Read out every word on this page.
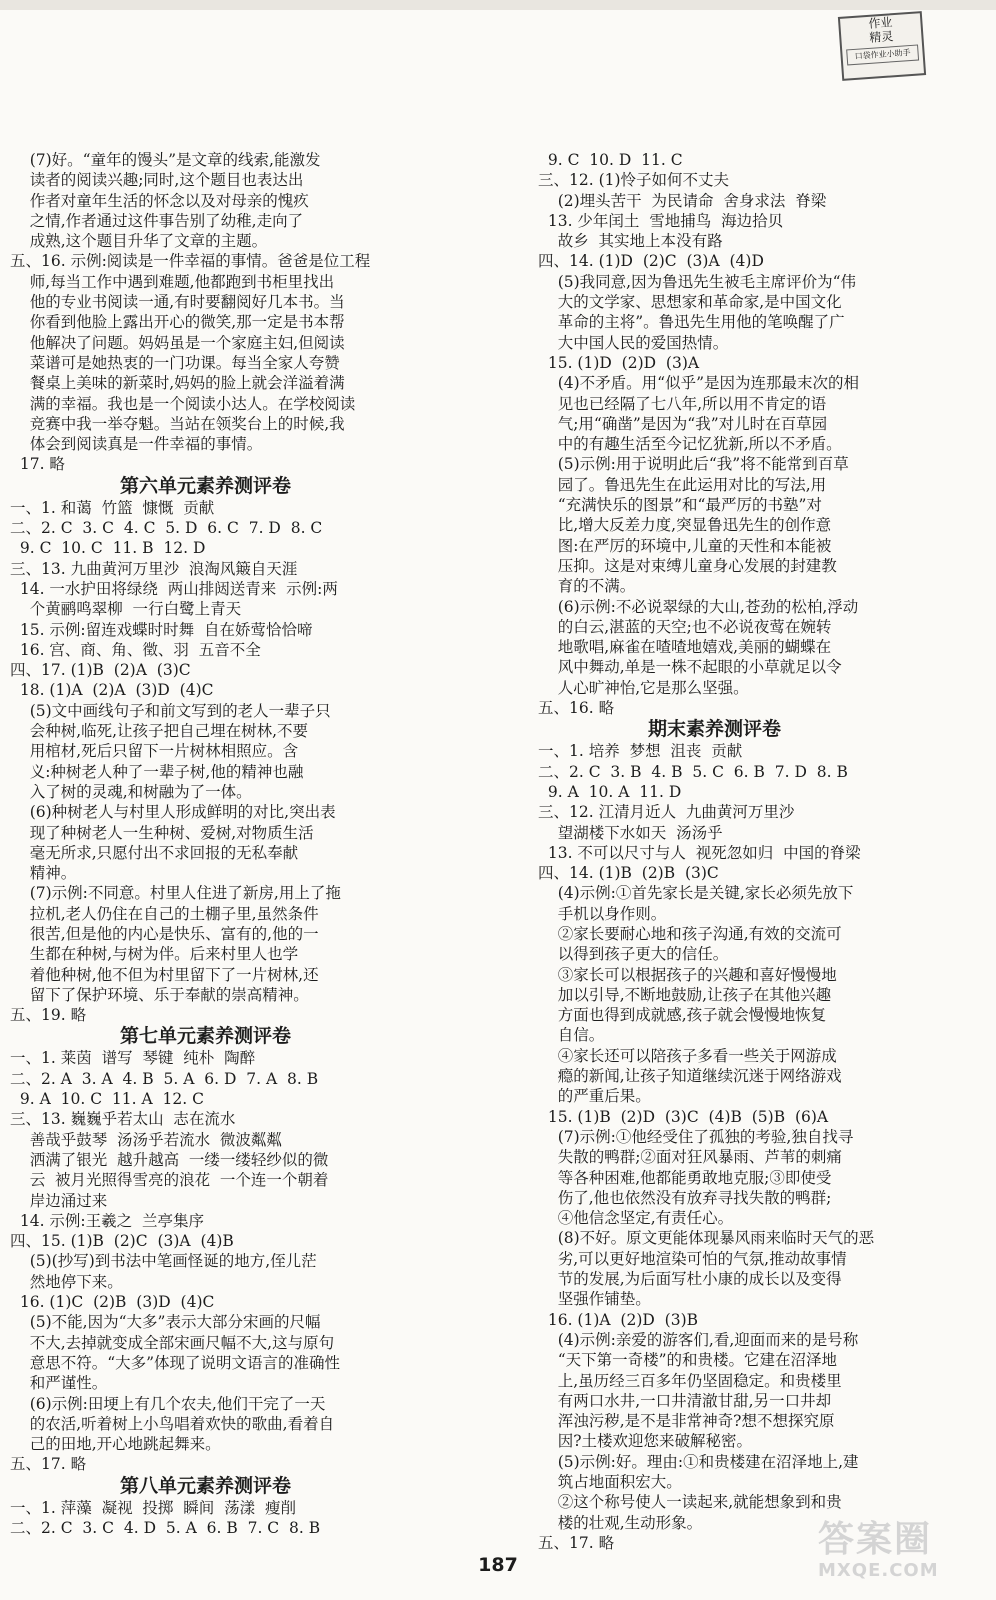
作业
精灵
口袋作业小助手
(7)好。“童年的馒头”是文章的线索,能激发
读者的阅读兴趣;同时,这个题目也表达出
作者对童年生活的怀念以及对母亲的愧疚
之情,作者通过这件事告别了幼稚,走向了
成熟,这个题目升华了文章的主题。
五、16. 示例:阅读是一件幸福的事情。爸爸是位工程
师,每当工作中遇到难题,他都跑到书柜里找出
他的专业书阅读一通,有时要翻阅好几本书。当
你看到他脸上露出开心的微笑,那一定是书本帮
他解决了问题。妈妈虽是一个家庭主妇,但阅读
菜谱可是她热衷的一门功课。每当全家人夸赞
餐桌上美味的新菜时,妈妈的脸上就会洋溢着满
满的幸福。我也是一个阅读小达人。在学校阅读
竞赛中我一举夺魁。当站在领奖台上的时候,我
体会到阅读真是一件幸福的事情。
17. 略
第六单元素养测评卷
一、1. 和蔼  竹篮  慷慨  贡献
二、2. C  3. C  4. C  5. D  6. C  7. D  8. C
9. C  10. C  11. B  12. D
三、13. 九曲黄河万里沙  浪淘风簸自天涯
14. 一水护田将绿绕  两山排闼送青来  示例:两
个黄鹂鸣翠柳  一行白鹭上青天
15. 示例:留连戏蝶时时舞  自在娇莺恰恰啼
16. 宫、商、角、徵、羽  五音不全
四、17. (1)B  (2)A  (3)C
18. (1)A  (2)A  (3)D  (4)C
(5)文中画线句子和前文写到的老人一辈子只
会种树,临死,让孩子把自己埋在树林,不要
用棺材,死后只留下一片树林相照应。含
义:种树老人种了一辈子树,他的精神也融
入了树的灵魂,和树融为了一体。
(6)种树老人与村里人形成鲜明的对比,突出表
现了种树老人一生种树、爱树,对物质生活
毫无所求,只愿付出不求回报的无私奉献
精神。
(7)示例:不同意。村里人住进了新房,用上了拖
拉机,老人仍住在自己的土棚子里,虽然条件
很苦,但是他的内心是快乐、富有的,他的一
生都在种树,与树为伴。后来村里人也学
着他种树,他不但为村里留下了一片树林,还
留下了保护环境、乐于奉献的崇高精神。
五、19. 略
第七单元素养测评卷
一、1. 莱茵  谱写  琴键  纯朴  陶醉
二、2. A  3. A  4. B  5. A  6. D  7. A  8. B
9. A  10. C  11. A  12. C
三、13. 巍巍乎若太山  志在流水
善哉乎鼓琴  汤汤乎若流水  微波粼粼
洒满了银光  越升越高  一缕一缕轻纱似的微
云  被月光照得雪亮的浪花  一个连一个朝着
岸边涌过来
14. 示例:王羲之  兰亭集序
四、15. (1)B  (2)C  (3)A  (4)B
(5)(抄写)到书法中笔画怪诞的地方,侄儿茫
然地停下来。
16. (1)C  (2)B  (3)D  (4)C
(5)不能,因为“大多”表示大部分宋画的尺幅
不大,去掉就变成全部宋画尺幅不大,这与原句
意思不符。“大多”体现了说明文语言的准确性
和严谨性。
(6)示例:田埂上有几个农夫,他们干完了一天
的农活,听着树上小鸟唱着欢快的歌曲,看着自
己的田地,开心地跳起舞来。
五、17. 略
第八单元素养测评卷
一、1. 萍藻  凝视  投掷  瞬间  荡漾  瘦削
二、2. C  3. C  4. D  5. A  6. B  7. C  8. B
9. C  10. D  11. C
三、12. (1)怜子如何不丈夫
(2)埋头苦干  为民请命  舍身求法  脊梁
13. 少年闰土  雪地捕鸟  海边拾贝
故乡  其实地上本没有路
四、14. (1)D  (2)C  (3)A  (4)D
(5)我同意,因为鲁迅先生被毛主席评价为“伟
大的文学家、思想家和革命家,是中国文化
革命的主将”。鲁迅先生用他的笔唤醒了广
大中国人民的爱国热情。
15. (1)D  (2)D  (3)A
(4)不矛盾。用“似乎”是因为连那最末次的相
见也已经隔了七八年,所以用不肯定的语
气;用“确凿”是因为“我”对儿时在百草园
中的有趣生活至今记忆犹新,所以不矛盾。
(5)示例:用于说明此后“我”将不能常到百草
园了。鲁迅先生在此运用对比的写法,用
“充满快乐的图景”和“最严厉的书塾”对
比,增大反差力度,突显鲁迅先生的创作意
图:在严厉的环境中,儿童的天性和本能被
压抑。这是对束缚儿童身心发展的封建教
育的不满。
(6)示例:不必说翠绿的大山,苍劲的松柏,浮动
的白云,湛蓝的天空;也不必说夜莺在婉转
地歌唱,麻雀在喳喳地嬉戏,美丽的蝴蝶在
风中舞动,单是一株不起眼的小草就足以令
人心旷神怡,它是那么坚强。
五、16. 略
期末素养测评卷
一、1. 培养  梦想  沮丧  贡献
二、2. C  3. B  4. B  5. C  6. B  7. D  8. B
9. A  10. A  11. D
三、12. 江清月近人  九曲黄河万里沙
望湖楼下水如天  汤汤乎
13. 不可以尺寸与人  视死忽如归  中国的脊梁
四、14. (1)B  (2)B  (3)C
(4)示例:①首先家长是关键,家长必须先放下
手机以身作则。
②家长要耐心地和孩子沟通,有效的交流可
以得到孩子更大的信任。
③家长可以根据孩子的兴趣和喜好慢慢地
加以引导,不断地鼓励,让孩子在其他兴趣
方面也得到成就感,孩子就会慢慢地恢复
自信。
④家长还可以陪孩子多看一些关于网游成
瘾的新闻,让孩子知道继续沉迷于网络游戏
的严重后果。
15. (1)B  (2)D  (3)C  (4)B  (5)B  (6)A
(7)示例:①他经受住了孤独的考验,独自找寻
失散的鸭群;②面对狂风暴雨、芦苇的刺痛
等各种困难,他都能勇敢地克服;③即使受
伤了,他也依然没有放弃寻找失散的鸭群;
④他信念坚定,有责任心。
(8)不好。原文更能体现暴风雨来临时天气的恶
劣,可以更好地渲染可怕的气氛,推动故事情
节的发展,为后面写杜小康的成长以及变得
坚强作铺垫。
16. (1)A  (2)D  (3)B
(4)示例:亲爱的游客们,看,迎面而来的是号称
“天下第一奇楼”的和贵楼。它建在沼泽地
上,虽历经三百多年仍坚固稳定。和贵楼里
有两口水井,一口井清澈甘甜,另一口井却
浑浊污秽,是不是非常神奇?想不想探究原
因?土楼欢迎您来破解秘密。
(5)示例:好。理由:①和贵楼建在沼泽地上,建
筑占地面积宏大。
②这个称号使人一读起来,就能想象到和贵
楼的壮观,生动形象。
五、17. 略
187
答案圈
MXQE.COM
